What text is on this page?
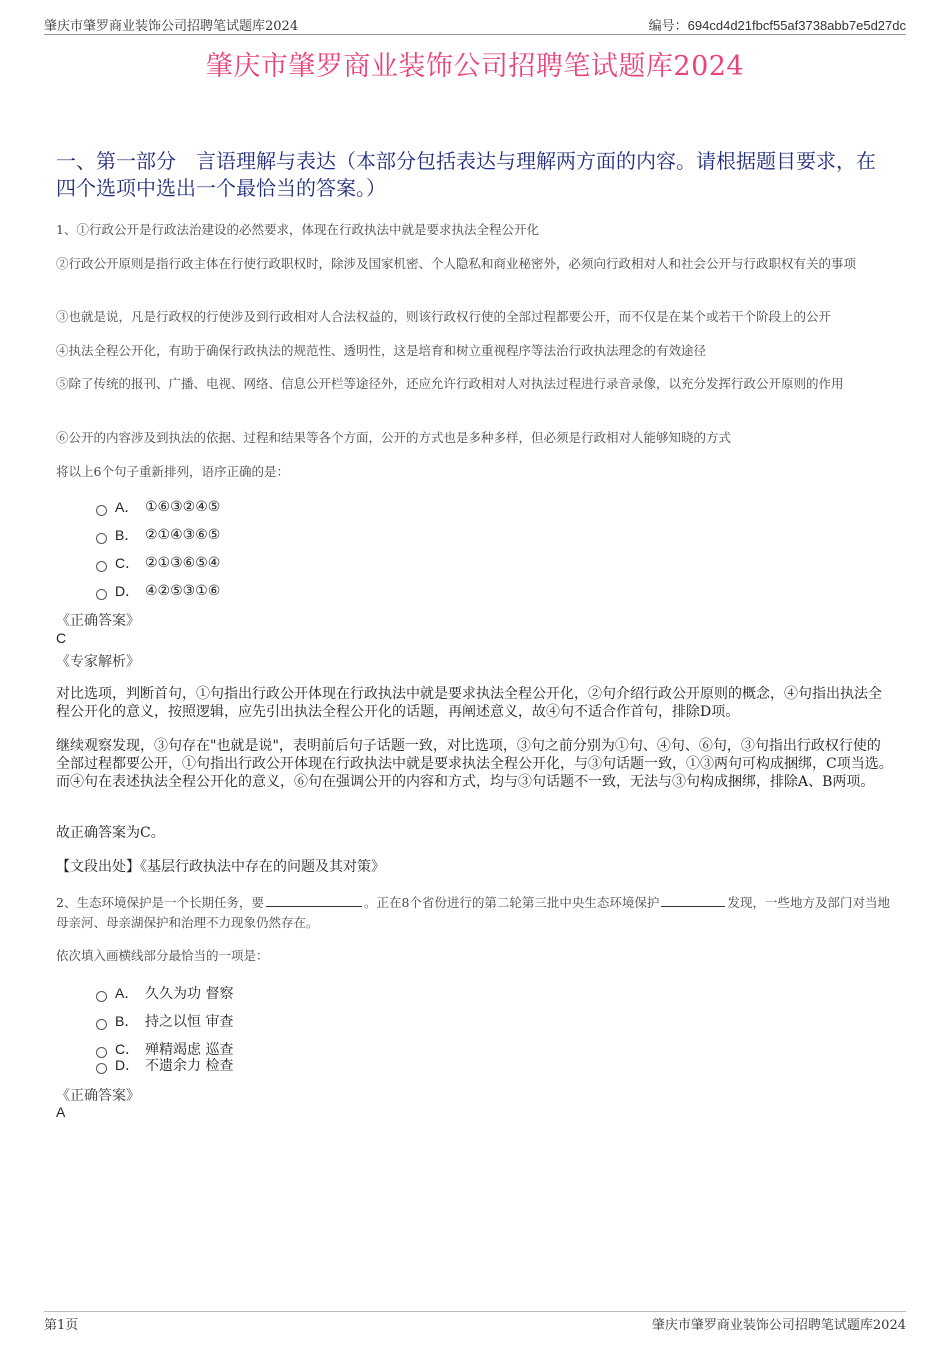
肇庆市肇罗商业装饰公司招聘笔试题库2024	编号：694cd4d21fbcf55af3738abb7e5d27dc
肇庆市肇罗商业装饰公司招聘笔试题库2024
一、第一部分　言语理解与表达（本部分包括表达与理解两方面的内容。请根据题目要求，在四个选项中选出一个最恰当的答案。）
1、①行政公开是行政法治建设的必然要求，体现在行政执法中就是要求执法全程公开化
②行政公开原则是指行政主体在行使行政职权时，除涉及国家机密、个人隐私和商业秘密外，必须向行政相对人和社会公开与行政职权有关的事项
③也就是说，凡是行政权的行使涉及到行政相对人合法权益的，则该行政权行使的全部过程都要公开，而不仅是在某个或若干个阶段上的公开
④执法全程公开化，有助于确保行政执法的规范性、透明性，这是培育和树立重视程序等法治行政执法理念的有效途径
⑤除了传统的报刊、广播、电视、网络、信息公开栏等途径外，还应允许行政相对人对执法过程进行录音录像，以充分发挥行政公开原则的作用
⑥公开的内容涉及到执法的依据、过程和结果等各个方面，公开的方式也是多种多样，但必须是行政相对人能够知晓的方式
将以上6个句子重新排列，语序正确的是：
A． ①⑥③②④⑤
B． ②①④③⑥⑤
C． ②①③⑥⑤④
D． ④②⑤③①⑥
《正确答案》
C
《专家解析》
对比选项，判断首句，①句指出行政公开体现在行政执法中就是要求执法全程公开化，②句介绍行政公开原则的概念，④句指出执法全程公开化的意义，按照逻辑，应先引出执法全程公开化的话题，再阐述意义，故④句不适合作首句，排除D项。
继续观察发现，③句存在"也就是说"，表明前后句子话题一致，对比选项，③句之前分别为①句、④句、⑥句，③句指出行政权行使的全部过程都要公开，①句指出行政公开体现在行政执法中就是要求执法全程公开化，与③句话题一致，①③两句可构成捆绑，C项当选。而④句在表述执法全程公开化的意义，⑥句在强调公开的内容和方式，均与③句话题不一致，无法与③句构成捆绑，排除A、B两项。
故正确答案为C。
【文段出处】《基层行政执法中存在的问题及其对策》
2、生态环境保护是一个长期任务，要	。正在8个省份进行的第二轮第三批中央生态环境保护	发现，一些地方及部门对当地母亲河、母亲湖保护和治理不力现象仍然存在。
依次填入画横线部分最恰当的一项是：
A． 久久为功 督察
B． 持之以恒 审查
C． 殚精竭虑 巡查
D． 不遗余力 检查
《正确答案》
A
第1页	肇庆市肇罗商业装饰公司招聘笔试题库2024
